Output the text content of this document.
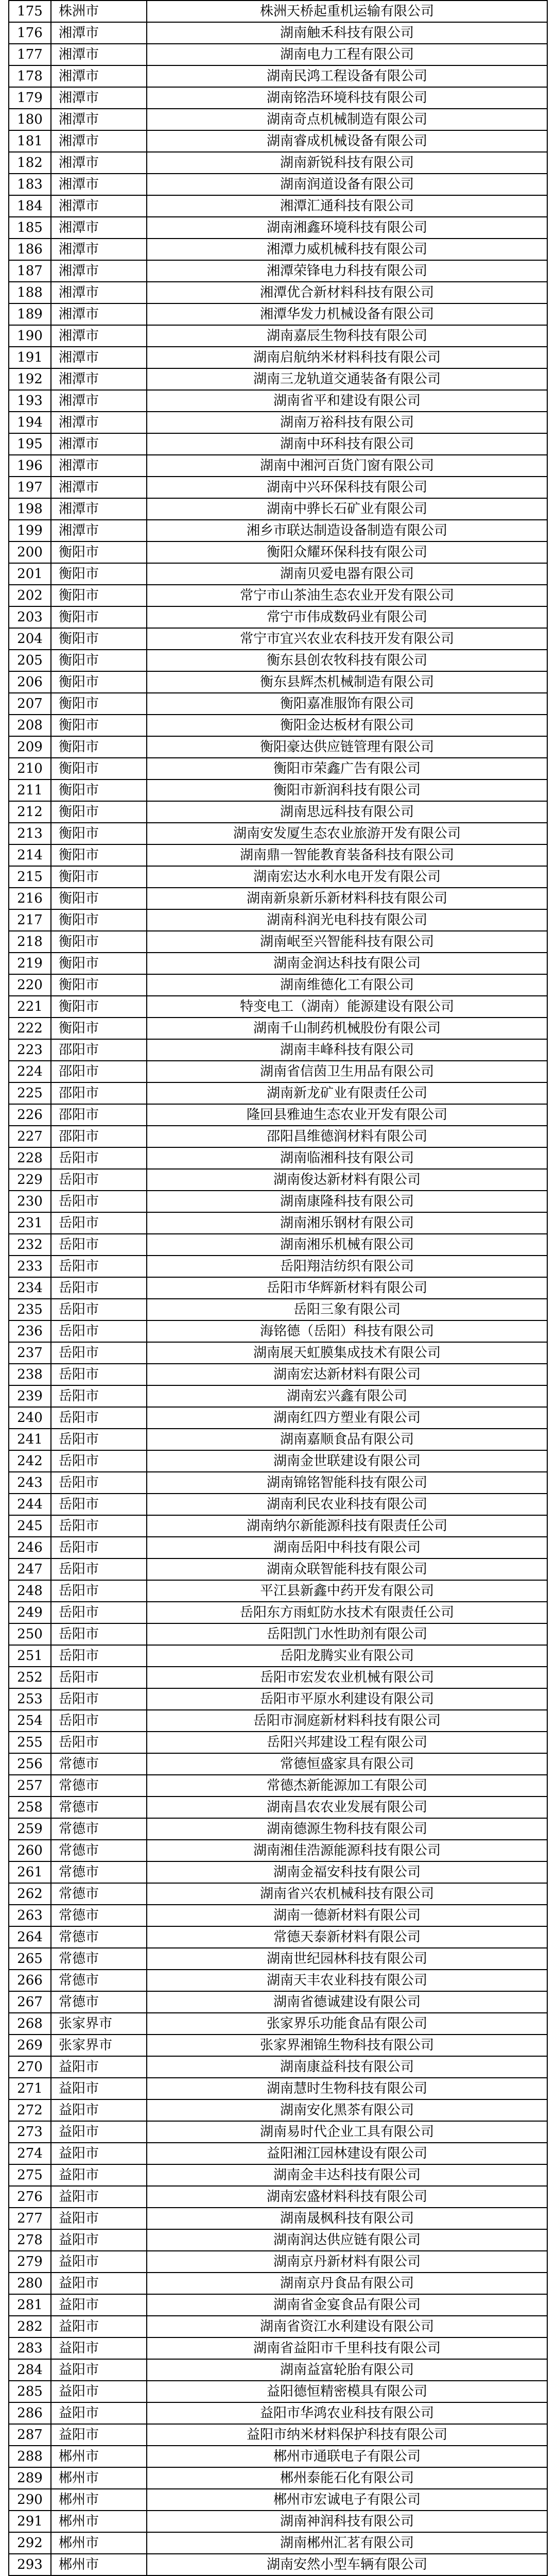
175	株洲市	株洲天桥起重机运输有限公司
176	湘潭市	湖南触禾科技有限公司
177	湘潭市	湖南电力工程有限公司
178	湘潭市	湖南民鸿工程设备有限公司
179	湘潭市	湖南铭浩环境科技有限公司
180	湘潭市	湖南奇点机械制造有限公司
181	湘潭市	湖南睿成机械设备有限公司
182	湘潭市	湖南新锐科技有限公司
183	湘潭市	湖南润道设备有限公司
184	湘潭市	湘潭汇通科技有限公司
185	湘潭市	湖南湘鑫环境科技有限公司
186	湘潭市	湘潭力威机械科技有限公司
187	湘潭市	湘潭荣锋电力科技有限公司
188	湘潭市	湘潭优合新材料科技有限公司
189	湘潭市	湘潭华发力机械设备有限公司
190	湘潭市	湖南嘉辰生物科技有限公司
191	湘潭市	湖南启航纳米材料科技有限公司
192	湘潭市	湖南三龙轨道交通装备有限公司
193	湘潭市	湖南省平和建设有限公司
194	湘潭市	湖南万裕科技有限公司
195	湘潭市	湖南中环科技有限公司
196	湘潭市	湖南中湘河百货门窗有限公司
197	湘潭市	湖南中兴环保科技有限公司
198	湘潭市	湖南中骅长石矿业有限公司
199	湘潭市	湘乡市联达制造设备制造有限公司
200	衡阳市	衡阳众耀环保科技有限公司
201	衡阳市	湖南贝爱电器有限公司
202	衡阳市	常宁市山茶油生态农业开发有限公司
203	衡阳市	常宁市伟成数码业有限公司
204	衡阳市	常宁市宜兴农业农科技开发有限公司
205	衡阳市	衡东县创农牧科技有限公司
206	衡阳市	衡东县辉杰机械制造有限公司
207	衡阳市	衡阳嘉准服饰有限公司
208	衡阳市	衡阳金达板材有限公司
209	衡阳市	衡阳豪达供应链管理有限公司
210	衡阳市	衡阳市荣鑫广告有限公司
211	衡阳市	衡阳市新润科技有限公司
212	衡阳市	湖南思远科技有限公司
213	衡阳市	湖南安发厦生态农业旅游开发有限公司
214	衡阳市	湖南鼎一智能教育装备科技有限公司
215	衡阳市	湖南宏达水利水电开发有限公司
216	衡阳市	湖南新泉新乐新材料科技有限公司
217	衡阳市	湖南科润光电科技有限公司
218	衡阳市	湖南岷至兴智能科技有限公司
219	衡阳市	湖南金润达科技有限公司
220	衡阳市	湖南维德化工有限公司
221	衡阳市	特变电工（湖南）能源建设有限公司
222	衡阳市	湖南千山制药机械股份有限公司
223	邵阳市	湖南丰峰科技有限公司
224	邵阳市	湖南省信茵卫生用品有限公司
225	邵阳市	湖南新龙矿业有限责任公司
226	邵阳市	隆回县雅迪生态农业开发有限公司
227	邵阳市	邵阳昌维德润材料有限公司
228	岳阳市	湖南临湘科技有限公司
229	岳阳市	湖南俊达新材料有限公司
230	岳阳市	湖南康隆科技有限公司
231	岳阳市	湖南湘乐钢材有限公司
232	岳阳市	湖南湘乐机械有限公司
233	岳阳市	岳阳翔洁纺织有限公司
234	岳阳市	岳阳市华辉新材料有限公司
235	岳阳市	岳阳三象有限公司
236	岳阳市	海铭德（岳阳）科技有限公司
237	岳阳市	湖南展天虹膜集成技术有限公司
238	岳阳市	湖南宏达新材料有限公司
239	岳阳市	湖南宏兴鑫有限公司
240	岳阳市	湖南红四方塑业有限公司
241	岳阳市	湖南嘉顺食品有限公司
242	岳阳市	湖南金世联建设有限公司
243	岳阳市	湖南锦铭智能科技有限公司
244	岳阳市	湖南利民农业科技有限公司
245	岳阳市	湖南纳尔新能源科技有限责任公司
246	岳阳市	湖南岳阳中科技有限公司
247	岳阳市	湖南众联智能科技有限公司
248	岳阳市	平江县新鑫中药开发有限公司
249	岳阳市	岳阳东方雨虹防水技术有限责任公司
250	岳阳市	岳阳凯门水性助剂有限公司
251	岳阳市	岳阳龙腾实业有限公司
252	岳阳市	岳阳市宏发农业机械有限公司
253	岳阳市	岳阳市平原水利建设有限公司
254	岳阳市	岳阳市洞庭新材料科技有限公司
255	岳阳市	岳阳兴邦建设工程有限公司
256	常德市	常德恒盛家具有限公司
257	常德市	常德杰新能源加工有限公司
258	常德市	湖南昌农农业发展有限公司
259	常德市	湖南德源生物科技有限公司
260	常德市	湖南湘佳浩源能源科技有限公司
261	常德市	湖南金福安科技有限公司
262	常德市	湖南省兴农机械科技有限公司
263	常德市	湖南一德新材料有限公司
264	常德市	常德天泰新材料有限公司
265	常德市	湖南世纪园林科技有限公司
266	常德市	湖南天丰农业科技有限公司
267	常德市	湖南省德诚建设有限公司
268	张家界市	张家界乐功能食品有限公司
269	张家界市	张家界湘锦生物科技有限公司
270	益阳市	湖南康益科技有限公司
271	益阳市	湖南慧时生物科技有限公司
272	益阳市	湖南安化黑茶有限公司
273	益阳市	湖南易时代企业工具有限公司
274	益阳市	益阳湘江园林建设有限公司
275	益阳市	湖南金丰达科技有限公司
276	益阳市	湖南宏盛材料科技有限公司
277	益阳市	湖南晟枫科技有限公司
278	益阳市	湖南润达供应链有限公司
279	益阳市	湖南京丹新材料有限公司
280	益阳市	湖南京丹食品有限公司
281	益阳市	湖南省金宴食品有限公司
282	益阳市	湖南省资江水利建设有限公司
283	益阳市	湖南省益阳市千里科技有限公司
284	益阳市	湖南益富轮胎有限公司
285	益阳市	益阳德恒精密模具有限公司
286	益阳市	益阳市华鸿农业科技有限公司
287	益阳市	益阳市纳米材料保护科技有限公司
288	郴州市	郴州市通联电子有限公司
289	郴州市	郴州泰能石化有限公司
290	郴州市	郴州市宏诚电子有限公司
291	郴州市	湖南神润科技有限公司
292	郴州市	湖南郴州汇茗有限公司
293	郴州市	湖南安然小型车辆有限公司
